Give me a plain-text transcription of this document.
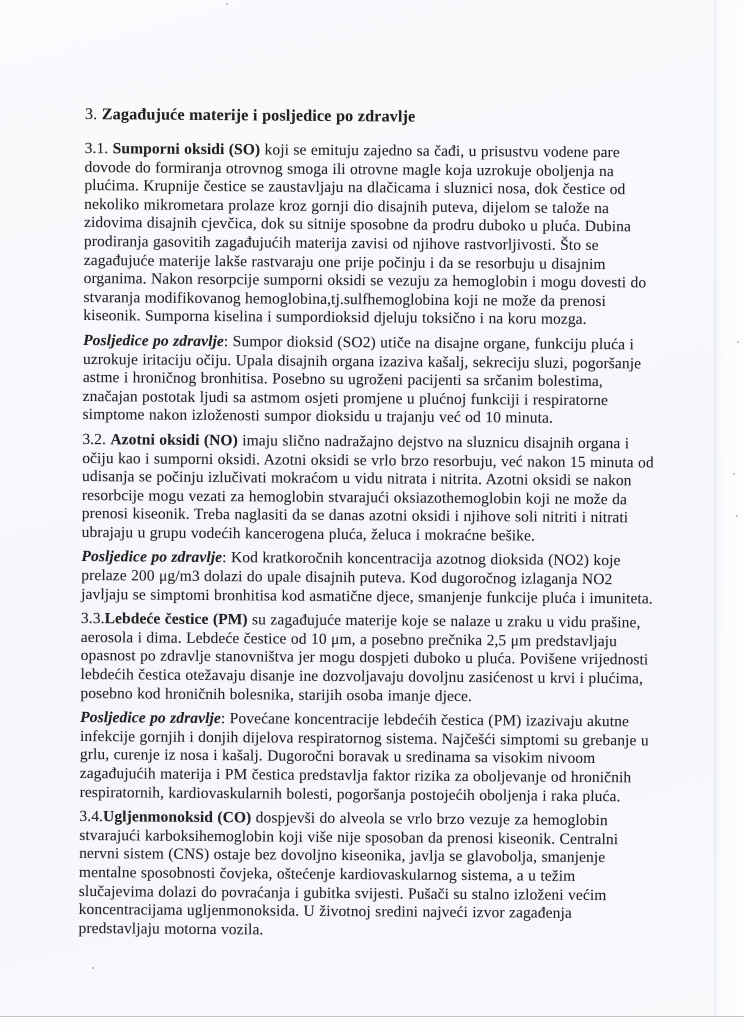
3. Zagađujuće materije i posljedice po zdravlje

3.1. Sumporni oksidi (SO) koji se emituju zajedno sa čađi, u prisustvu vodene pare dovode do formiranja otrovnog smoga ili otrovne magle koja uzrokuje oboljenja na plućima. Krupnije čestice se zaustavljaju na dlačicama i sluznici nosa, dok čestice od nekoliko mikrometara prolaze kroz gornji dio disajnih puteva, dijelom se talože na zidovima disajnih cjevčica, dok su sitnije sposobne da prodru duboko u pluća. Dubina prodiranja gasovitih zagađujućih materija zavisi od njihove rastvorljivosti. Što se zagađujuće materije lakše rastvaraju one prije počinju i da se resorbuju u disajnim organima. Nakon resorpcije sumporni oksidi se vezuju za hemoglobin i mogu dovesti do stvaranja modifikovanog hemoglobina,tj.sulfhemoglobina koji ne može da prenosi kiseonik. Sumporna kiselina i sumpordioksid djeluju toksično i na koru mozga.

Posljedice po zdravlje: Sumpor dioksid (SO2) utiče na disajne organe, funkciju pluća i uzrokuje iritaciju očiju. Upala disajnih organa izaziva kašalj, sekreciju sluzi, pogoršanje astme i hroničnog bronhitisa. Posebno su ugroženi pacijenti sa srčanim bolestima, značajan postotak ljudi sa astmom osjeti promjene u plućnoj funkciji i respiratorne simptome nakon izloženosti sumpor dioksidu u trajanju već od 10 minuta.

3.2. Azotni oksidi (NO) imaju slično nadražajno dejstvo na sluznicu disajnih organa i očiju kao i sumporni oksidi. Azotni oksidi se vrlo brzo resorbuju, već nakon 15 minuta od udisanja se počinju izlučivati mokraćom u vidu nitrata i nitrita. Azotni oksidi se nakon resorbcije mogu vezati za hemoglobin stvarajući oksiazothemoglobin koji ne može da prenosi kiseonik. Treba naglasiti da se danas azotni oksidi i njihove soli nitriti i nitrati ubrajaju u grupu vodećih kancerogena pluća, želuca i mokraćne bešike.

Posljedice po zdravlje: Kod kratkoročnih koncentracija azotnog dioksida (NO2) koje prelaze 200 μg/m3 dolazi do upale disajnih puteva. Kod dugoročnog izlaganja NO2 javljaju se simptomi bronhitisa kod asmatične djece, smanjenje funkcije pluća i imuniteta.

3.3.Lebdeće čestice (PM) su zagađujuće materije koje se nalaze u zraku u vidu prašine, aerosola i dima. Lebdeće čestice od 10 μm, a posebno prečnika 2,5 μm predstavljaju opasnost po zdravlje stanovništva jer mogu dospjeti duboko u pluća. Povišene vrijednosti lebdećih čestica otežavaju disanje ine dozvoljavaju dovoljnu zasićenost u krvi i plućima, posebno kod hroničnih bolesnika, starijih osoba imanje djece.

Posljedice po zdravlje: Povećane koncentracije lebdećih čestica (PM) izazivaju akutne infekcije gornjih i donjih dijelova respiratornog sistema. Najčešći simptomi su grebanje u grlu, curenje iz nosa i kašalj. Dugoročni boravak u sredinama sa visokim nivoom zagađujućih materija i PM čestica predstavlja faktor rizika za oboljevanje od hroničnih respiratornih, kardiovaskularnih bolesti, pogoršanja postojećih oboljenja i raka pluća.

3.4.Ugljenmonoksid (CO) dospjevši do alveola se vrlo brzo vezuje za hemoglobin stvarajući karboksihemoglobin koji više nije sposoban da prenosi kiseonik. Centralni nervni sistem (CNS) ostaje bez dovoljno kiseonika, javlja se glavobolja, smanjenje mentalne sposobnosti čovjeka, oštećenje kardiovaskularnog sistema, a u težim slučajevima dolazi do povraćanja i gubitka svijesti. Pušači su stalno izloženi većim koncentracijama ugljenmonoksida. U životnoj sredini najveći izvor zagađenja predstavljaju motorna vozila.
